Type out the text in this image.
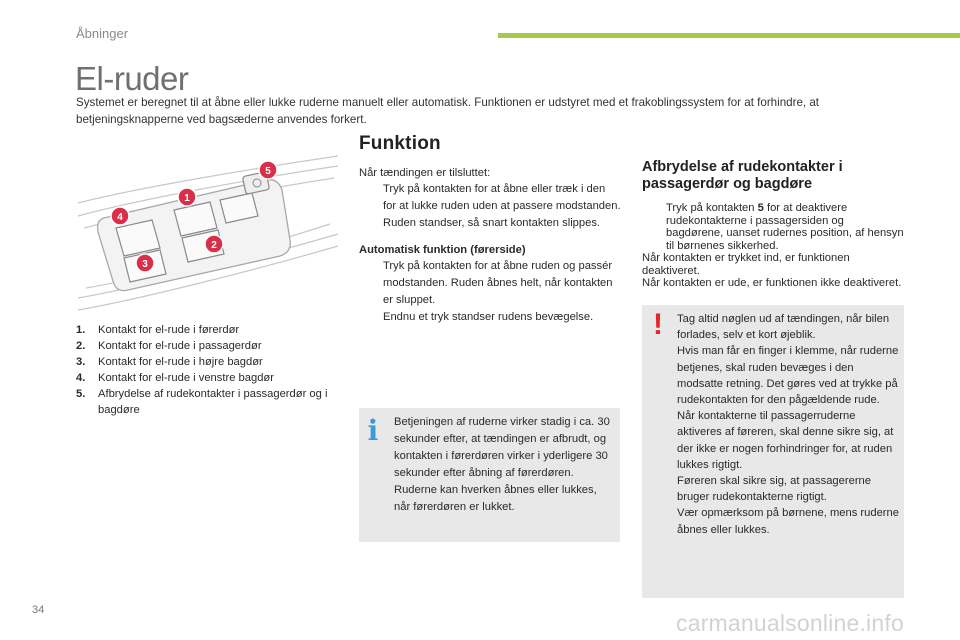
Åbninger
El-ruder

Systemet er beregnet til at åbne eller lukke ruderne manuelt eller automatisk. Funktionen er udstyret med et frakoblingssystem for at forhindre, at betjeningsknapperne ved bagsæderne anvendes forkert.

4
3
1
2
5
1.	Kontakt for el-rude i førerdør
2.	Kontakt for el-rude i passagerdør
3.	Kontakt for el-rude i højre bagdør
4.	Kontakt for el-rude i venstre bagdør
5.	Afbrydelse af rudekontakter i passagerdør og i bagdøre
Funktion

Når tændingen er tilsluttet:

Tryk på kontakten for at åbne eller træk i den for at lukke ruden uden at passere modstanden. Ruden standser, så snart kontakten slippes.

Automatisk funktion (førerside)

Tryk på kontakten for at åbne ruden og passér modstanden. Ruden åbnes helt, når kontakten er sluppet.
Endnu et tryk standser rudens bevægelse.
i Betjeningen af ruderne virker stadig i ca. 30 sekunder efter, at tændingen er afbrudt, og kontakten i førerdøren virker i yderligere 30 sekunder efter åbning af førerdøren.

Ruderne kan hverken åbnes eller lukkes, når førerdøren er lukket.

Afbrydelse af rudekontakter i passagerdør og bagdøre
Tryk på kontakten 5 for at deaktivere rudekontakterne i passagersiden og bagdørene, uanset rudernes position, af hensyn til børnenes sikkerhed.

Når kontakten er trykket ind, er funktionen deaktiveret.

Når kontakten er ude, er funktionen ikke deaktiveret.

! Tag altid nøglen ud af tændingen, når bilen forlades, selv et kort øjeblik.

Hvis man får en finger i klemme, når ruderne betjenes, skal ruden bevæges i den modsatte retning. Det gøres ved at trykke på rudekontakten for den pågældende rude.

Når kontakterne til passagerruderne aktiveres af føreren, skal denne sikre sig, at der ikke er nogen forhindringer for, at ruden lukkes rigtigt.

Føreren skal sikre sig, at passagererne bruger rudekontakterne rigtigt.

Vær opmærksom på børnene, mens ruderne åbnes eller lukkes.

34	carmanualsonline.info
